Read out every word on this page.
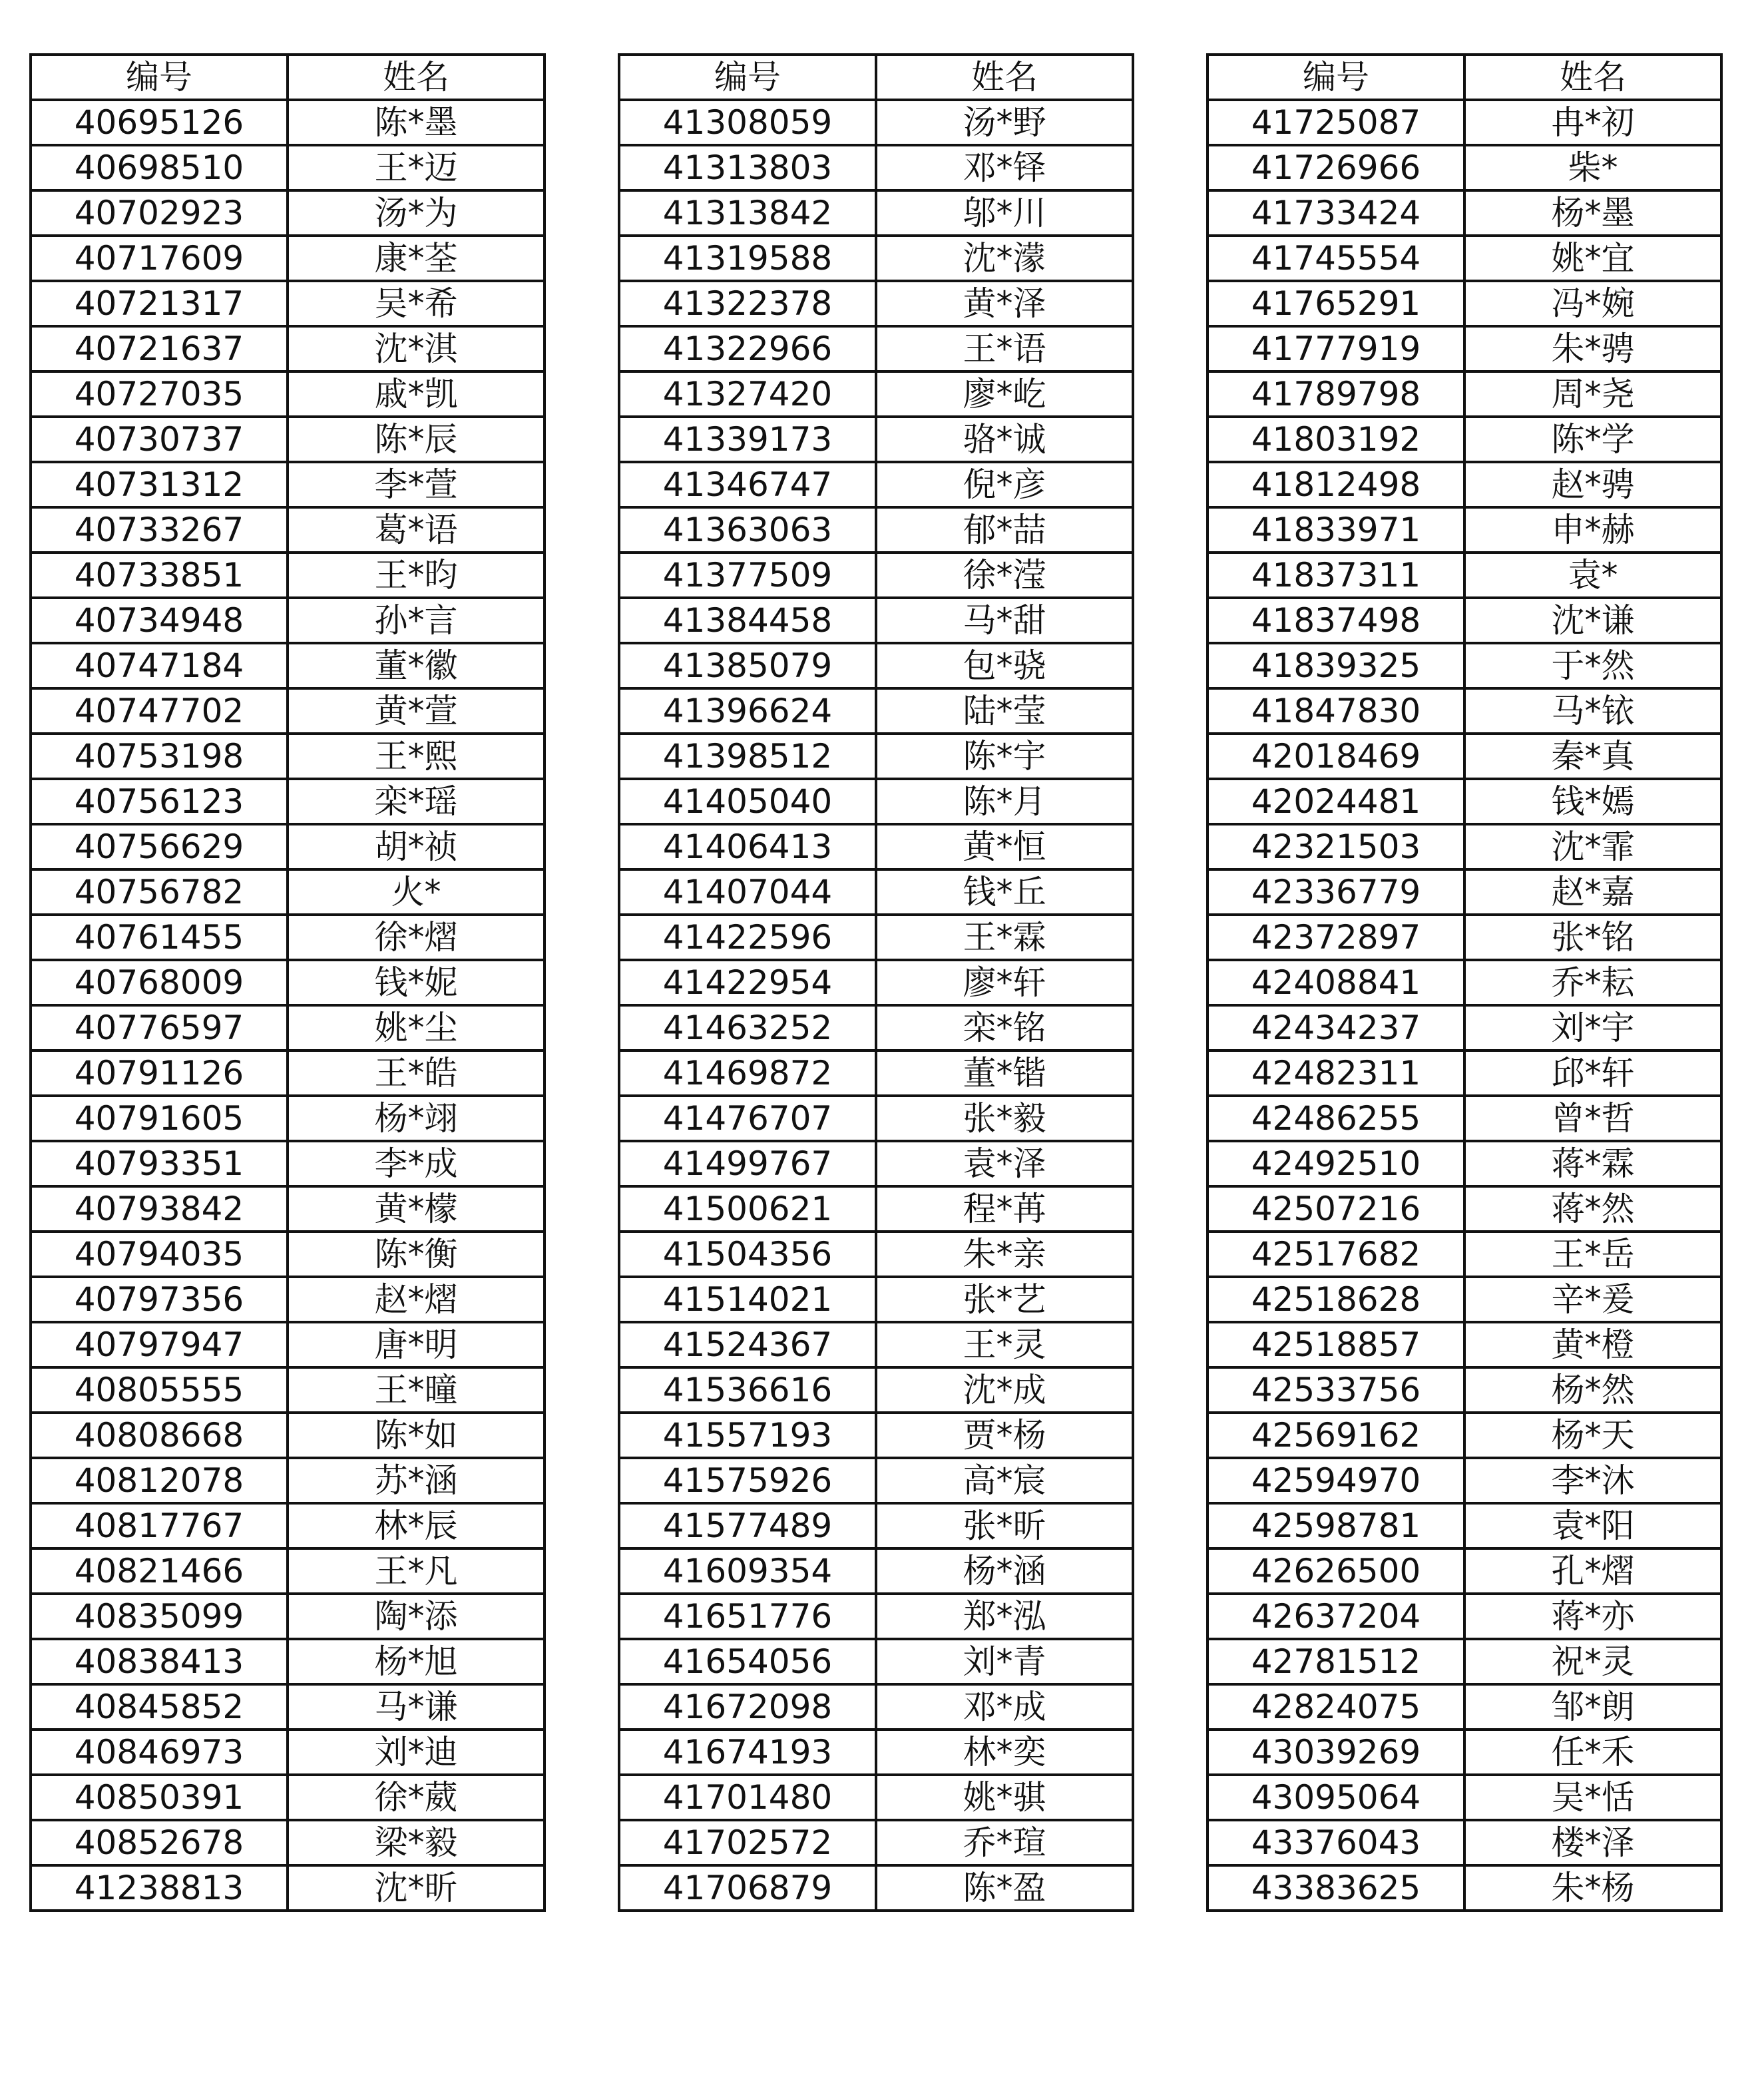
编号	姓名
40695126	陈*墨
40698510	王*迈
40702923	汤*为
40717609	康*荃
40721317	吴*希
40721637	沈*淇
40727035	戚*凯
40730737	陈*辰
40731312	李*萱
40733267	葛*语
40733851	王*昀
40734948	孙*言
40747184	董*徽
40747702	黄*萱
40753198	王*熙
40756123	栾*瑶
40756629	胡*祯
40756782	火*
40761455	徐*熠
40768009	钱*妮
40776597	姚*尘
40791126	王*皓
40791605	杨*翊
40793351	李*成
40793842	黄*檬
40794035	陈*衡
40797356	赵*熠
40797947	唐*明
40805555	王*曈
40808668	陈*如
40812078	苏*涵
40817767	林*辰
40821466	王*凡
40835099	陶*添
40838413	杨*旭
40845852	马*谦
40846973	刘*迪
40850391	徐*葳
40852678	梁*毅
41238813	沈*昕
编号	姓名
41308059	汤*野
41313803	邓*铎
41313842	邬*川
41319588	沈*濛
41322378	黄*泽
41322966	王*语
41327420	廖*屹
41339173	骆*诚
41346747	倪*彦
41363063	郁*喆
41377509	徐*滢
41384458	马*甜
41385079	包*骁
41396624	陆*莹
41398512	陈*宇
41405040	陈*月
41406413	黄*恒
41407044	钱*丘
41422596	王*霖
41422954	廖*轩
41463252	栾*铭
41469872	董*锴
41476707	张*毅
41499767	袁*泽
41500621	程*苒
41504356	朱*亲
41514021	张*艺
41524367	王*灵
41536616	沈*成
41557193	贾*杨
41575926	高*宸
41577489	张*昕
41609354	杨*涵
41651776	郑*泓
41654056	刘*青
41672098	邓*成
41674193	林*奕
41701480	姚*骐
41702572	乔*瑄
41706879	陈*盈
编号	姓名
41725087	冉*初
41726966	柴*
41733424	杨*墨
41745554	姚*宜
41765291	冯*婉
41777919	朱*骋
41789798	周*尧
41803192	陈*学
41812498	赵*骋
41833971	申*赫
41837311	袁*
41837498	沈*谦
41839325	于*然
41847830	马*铱
42018469	秦*真
42024481	钱*嫣
42321503	沈*霏
42336779	赵*嘉
42372897	张*铭
42408841	乔*耘
42434237	刘*宇
42482311	邱*轩
42486255	曾*哲
42492510	蒋*霖
42507216	蒋*然
42517682	王*岳
42518628	辛*爰
42518857	黄*橙
42533756	杨*然
42569162	杨*天
42594970	李*沐
42598781	袁*阳
42626500	孔*熠
42637204	蒋*亦
42781512	祝*灵
42824075	邹*朗
43039269	任*禾
43095064	吴*恬
43376043	楼*泽
43383625	朱*杨
